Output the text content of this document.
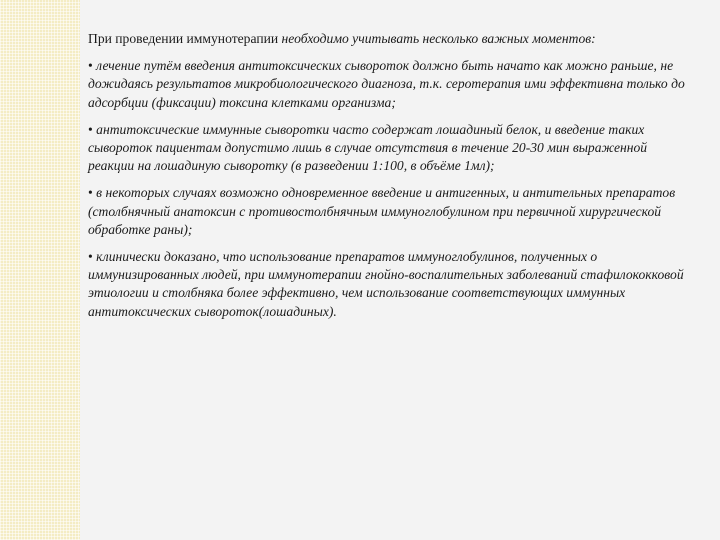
При проведении иммунотерапии необходимо учитывать несколько важных моментов:

• лечение путём введения антитоксических сывороток должно быть начато как можно раньше, не дожидаясь результатов микробиологического диагноза, т.к. серотерапия ими эффективна только до адсорбции (фиксации) токсина клетками организма;

• антитоксические иммунные сыворотки часто содержат лошадиный белок, и введение таких сывороток пациентам допустимо лишь в случае отсутствия в течение 20-30 мин выраженной реакции на лошадиную сыворотку (в разведении 1:100, в объёме 1мл);

• в некоторых случаях возможно одновременное введение и антигенных, и антительных препаратов (столбнячный анатоксин с противостолбнячным иммуноглобулином при первичной хирургической обработке раны);

• клинически доказано, что использование препаратов иммуноглобулинов, полученных о иммунизированных людей, при иммунотерапии гнойно-воспалительных заболеваний стафилококковой этиологии и столбняка более эффективно, чем использование соответствующих иммунных антитоксических сывороток(лошадиных).
